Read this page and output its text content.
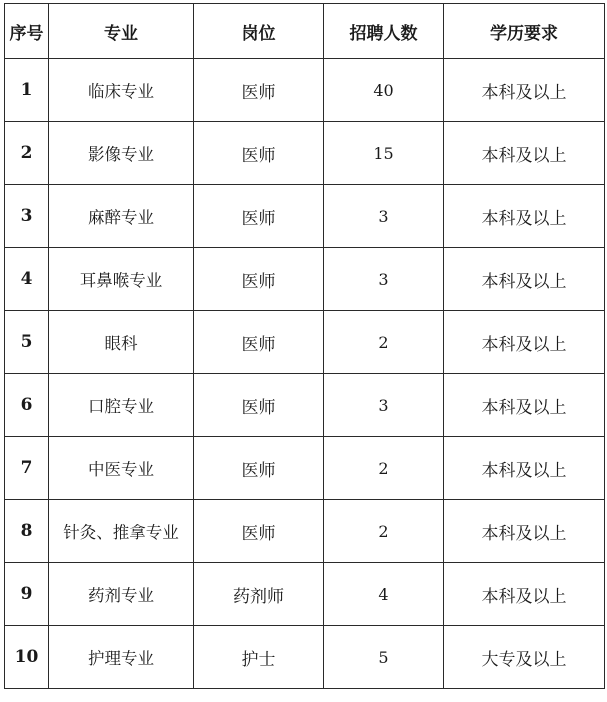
序号	专业	岗位	招聘人数	学历要求
1	临床专业	医师	40	本科及以上
2	影像专业	医师	15	本科及以上
3	麻醉专业	医师	3	本科及以上
4	耳鼻喉专业	医师	3	本科及以上
5	眼科	医师	2	本科及以上
6	口腔专业	医师	3	本科及以上
7	中医专业	医师	2	本科及以上
8	针灸、推拿专业	医师	2	本科及以上
9	药剂专业	药剂师	4	本科及以上
10	护理专业	护士	5	大专及以上
